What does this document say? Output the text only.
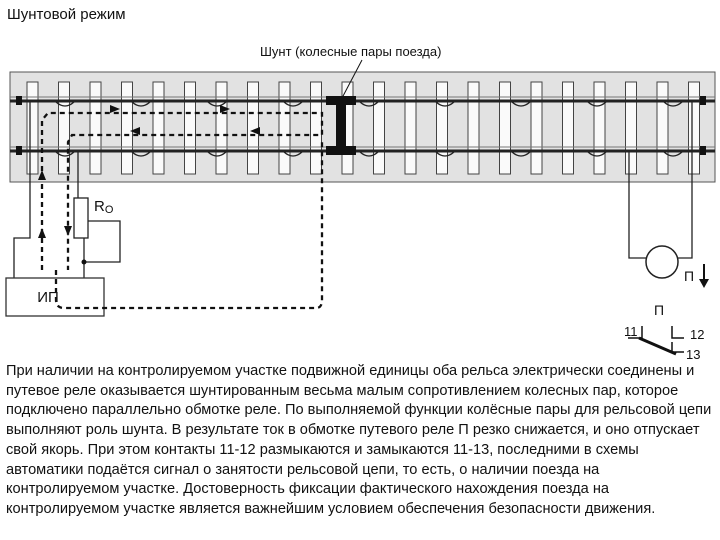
Шунтовой режим
Шунт (колесные пары поезда)
RO
ИП
П
П
11	12
13

При наличии на контролируемом участке подвижной единицы оба рельса электрически соединены и путевое реле оказывается шунтированным весьма малым сопротивлением колесных пар, которое подключено параллельно обмотке реле. По выполняемой функции колёсные пары для рельсовой цепи выполняют роль шунта. В результате ток в обмотке путевого реле П резко снижается, и оно отпускает свой якорь. При этом контакты 11-12 размыкаются и замыкаются 11-13, последними в схемы автоматики подаётся сигнал о занятости рельсовой цепи, то есть, о наличии поезда на контролируемом участке. Достоверность фиксации фактического нахождения поезда на контролируемом участке является важнейшим условием обеспечения безопасности движения.
